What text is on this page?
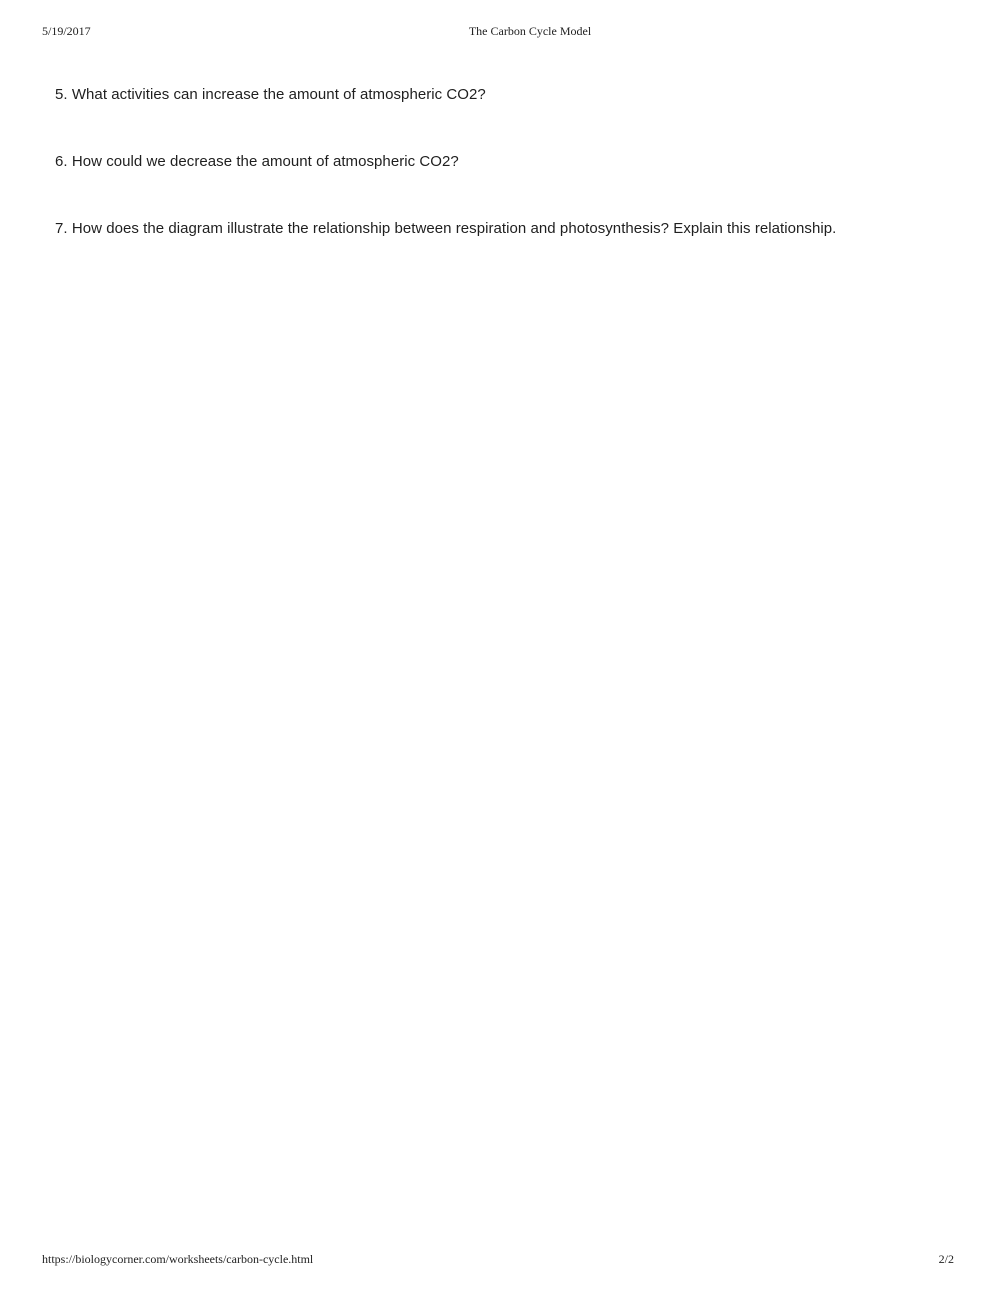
5/19/2017	The Carbon Cycle Model
5. What activities can increase the amount of atmospheric CO2?
6. How could we decrease the amount of atmospheric CO2?
7. How does the diagram illustrate the relationship between respiration and photosynthesis? Explain this relationship.
https://biologycorner.com/worksheets/carbon-cycle.html	2/2
